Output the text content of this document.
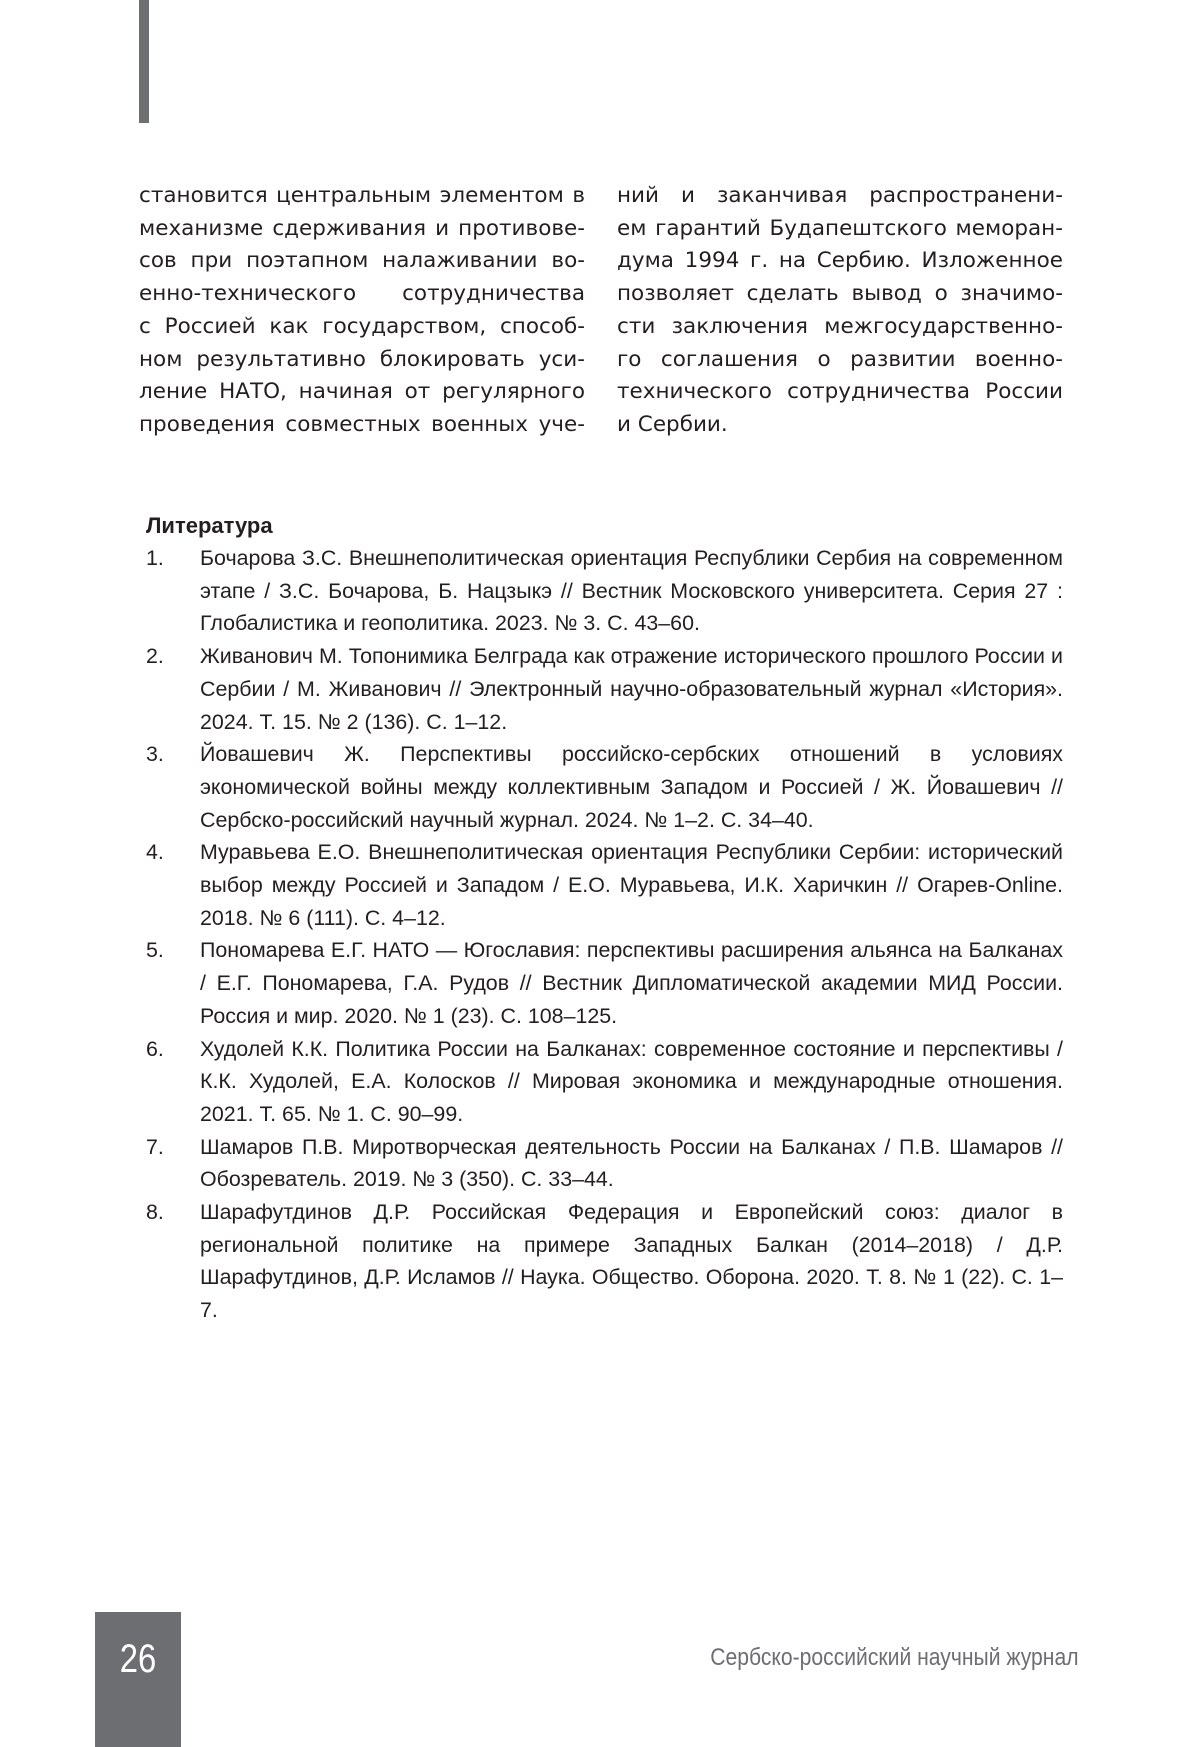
становится центральным элементом в
механизме сдерживания и противове-
сов при поэтапном налаживании во-
енно-технического сотрудничества
с Россией как государством, способ-
ном результативно блокировать уси-
ление НАТО, начиная от регулярного
проведения совместных военных уче-
ний и заканчивая распространени-
ем гарантий Будапештского меморан-
дума 1994 г. на Сербию. Изложенное
позволяет сделать вывод о значимо-
сти заключения межгосударственно-
го соглашения о развитии военно-
технического сотрудничества России
и Сербии.
Литература
1.	Бочарова З.С. Внешнеполитическая ориентация Республики Сербия на современном этапе / З.С. Бочарова, Б. Нацзыкэ // Вестник Московского университета. Серия 27 : Глобалистика и геополитика. 2023. № 3. С. 43–60.
2.	Живанович М. Топонимика Белграда как отражение исторического прошлого России и Сербии / М. Живанович // Электронный научно-образовательный журнал «История». 2024. Т. 15. № 2 (136). С. 1–12.
3.	Йовашевич Ж. Перспективы российско-сербских отношений в условиях экономической войны между коллективным Западом и Россией / Ж. Йовашевич // Сербско-российский научный журнал. 2024. № 1–2. С. 34–40.
4.	Муравьева Е.О. Внешнеполитическая ориентация Республики Сербии: исторический выбор между Россией и Западом / Е.О. Муравьева, И.К. Харичкин // Огарев-Online. 2018. № 6 (111). С. 4–12.
5.	Пономарева Е.Г. НАТО — Югославия: перспективы расширения альянса на Балканах / Е.Г. Пономарева, Г.А. Рудов // Вестник Дипломатической академии МИД России. Россия и мир. 2020. № 1 (23). С. 108–125.
6.	Худолей К.К. Политика России на Балканах: современное состояние и перспективы / К.К. Худолей, Е.А. Колосков // Мировая экономика и международные отношения. 2021. Т. 65. № 1. С. 90–99.
7.	Шамаров П.В. Миротворческая деятельность России на Балканах / П.В. Шамаров // Обозреватель. 2019. № 3 (350). С. 33–44.
8.	Шарафутдинов Д.Р. Российская Федерация и Европейский союз: диалог в региональной политике на примере Западных Балкан (2014–2018) / Д.Р. Шарафутдинов, Д.Р. Исламов // Наука. Общество. Оборона. 2020. Т. 8. № 1 (22). С. 1–7.
26	Сербско-российский научный журнал
